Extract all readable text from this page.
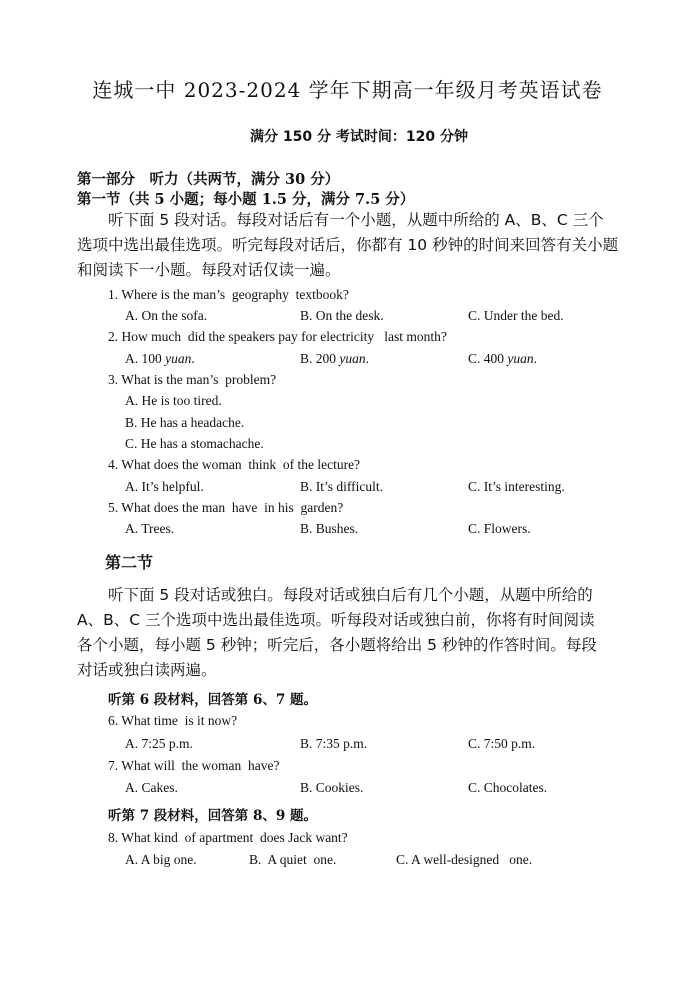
连城一中 2023-2024 学年下期高一年级月考英语试卷
满分 150 分 考试时间：120 分钟
第一部分　听力（共两节，满分 30 分）
第一节（共 5 小题；每小题 1.5 分，满分 7.5 分）
听下面 5 段对话。每段对话后有一个小题，从题中所给的 A、B、C 三个
选项中选出最佳选项。听完每段对话后，你都有 10 秒钟的时间来回答有关小题
和阅读下一小题。每段对话仅读一遍。
1. Where is the man’s  geography  textbook?
A. On the sofa.	B. On the desk.	C. Under the bed.
2. How much  did the speakers pay for electricity   last month?
A. 100 yuan.	B. 200 yuan.	C. 400 yuan.
3. What is the man’s  problem?
A. He is too tired.
B. He has a headache.
C. He has a stomachache.
4. What does the woman  think  of the lecture?
A. It’s helpful.	B. It’s difficult.	C. It’s interesting.
5. What does the man  have  in his  garden?
A. Trees.	B. Bushes.	C. Flowers.
第二节
听下面 5 段对话或独白。每段对话或独白后有几个小题，从题中所给的
A、B、C 三个选项中选出最佳选项。听每段对话或独白前，你将有时间阅读
各个小题，每小题 5 秒钟；听完后，各小题将给出 5 秒钟的作答时间。每段
对话或独白读两遍。
听第 6 段材料，回答第 6、7 题。
6. What time  is it now?
A. 7:25 p.m.	B. 7:35 p.m.	C. 7:50 p.m.
7. What will  the woman  have?
A. Cakes.	B. Cookies.	C. Chocolates.
听第 7 段材料，回答第 8、9 题。
8. What kind  of apartment  does Jack want?
A. A big one.	B.  A quiet  one.	C. A well-designed   one.
